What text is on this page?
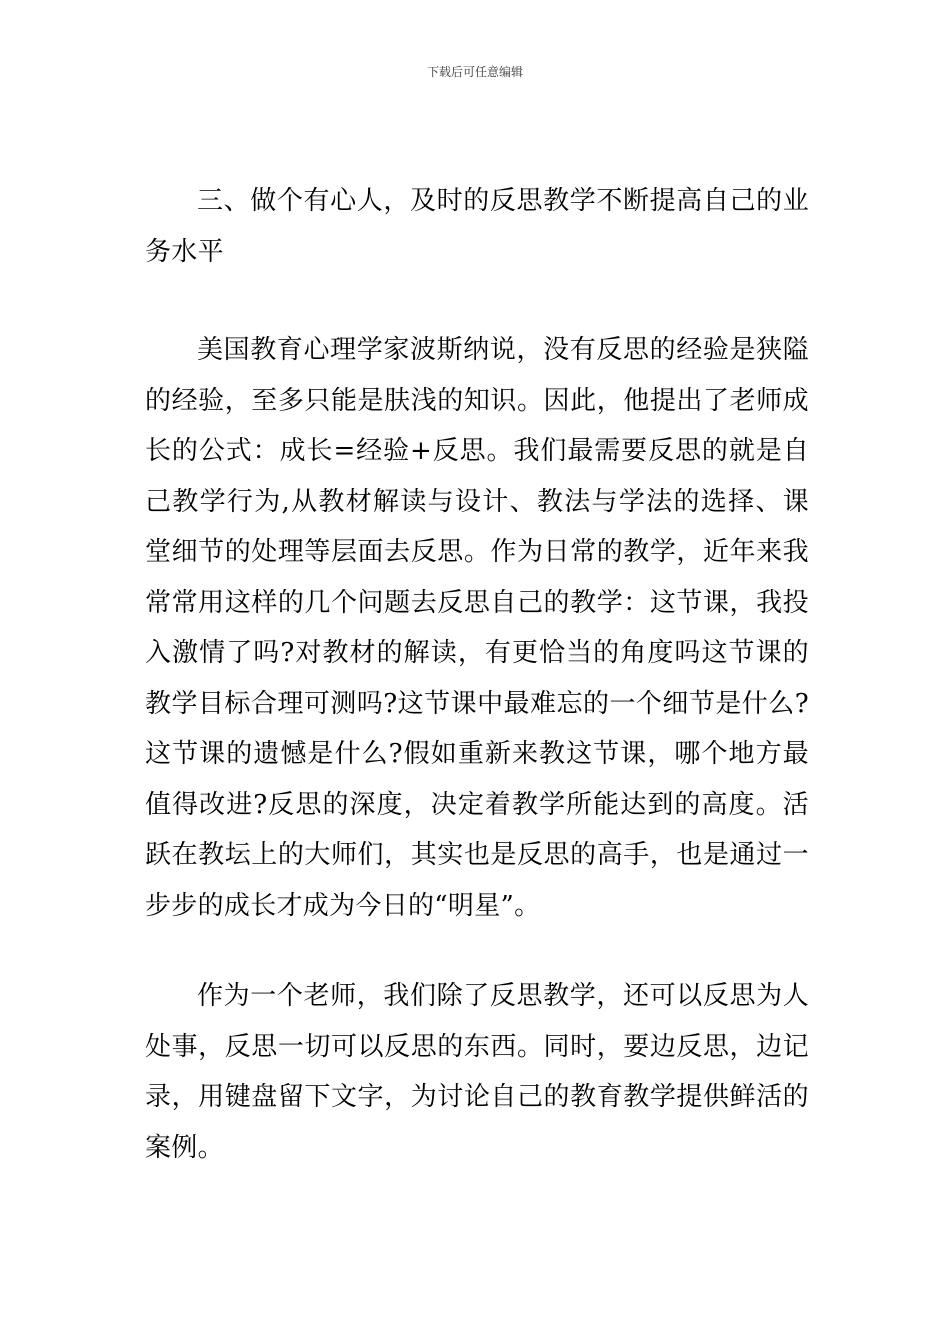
下载后可任意编辑

三、做个有心人，及时的反思教学不断提高自己的业务水平

美国教育心理学家波斯纳说，没有反思的经验是狭隘的经验，至多只能是肤浅的知识。因此，他提出了老师成长的公式：成长=经验+反思。我们最需要反思的就是自己教学行为,从教材解读与设计、教法与学法的选择、课堂细节的处理等层面去反思。作为日常的教学，近年来我常常用这样的几个问题去反思自己的教学：这节课，我投入激情了吗?对教材的解读，有更恰当的角度吗这节课的教学目标合理可测吗?这节课中最难忘的一个细节是什么?这节课的遗憾是什么?假如重新来教这节课，哪个地方最值得改进?反思的深度，决定着教学所能达到的高度。活跃在教坛上的大师们，其实也是反思的高手，也是通过一步步的成长才成为今日的“明星”。

作为一个老师，我们除了反思教学，还可以反思为人处事，反思一切可以反思的东西。同时，要边反思，边记录，用键盘留下文字，为讨论自己的教育教学提供鲜活的案例。
